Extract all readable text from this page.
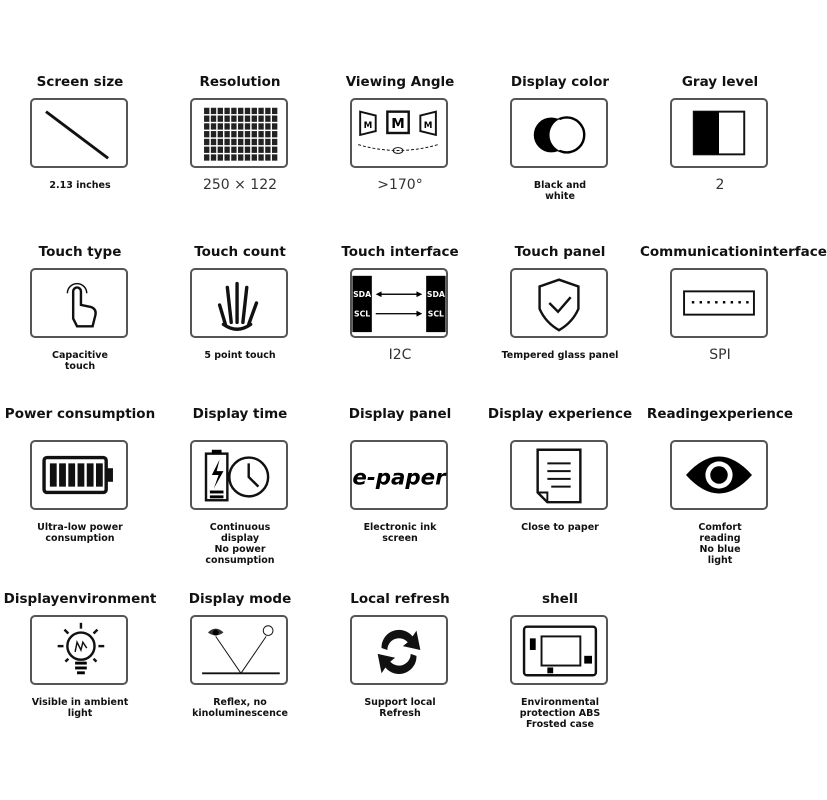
Screen size
2.13 inches
Resolution
250 × 122
Viewing Angle
M
M	M
>170°
Display color
Black and
white
Gray level
2
Touch type
Capacitive
touch
Touch count
5 point touch
Touch interface
SDA
SCL
SDA
SCL
I2C
Touch panel
Tempered glass panel
Communicationinterface
SPI
Power consumption
Ultra-low power
consumption
Display time
Continuous
display
No power
consumption
Display panel
e-paper
Electronic ink
screen
Display experience
Close to paper
Readingexperience
Comfort
reading
No blue
light
Displayenvironment
Visible in ambient
light
Display mode
Reflex, no
kinoluminescence
Local refresh
Support local
Refresh
shell
Environmental
protection ABS
Frosted case
